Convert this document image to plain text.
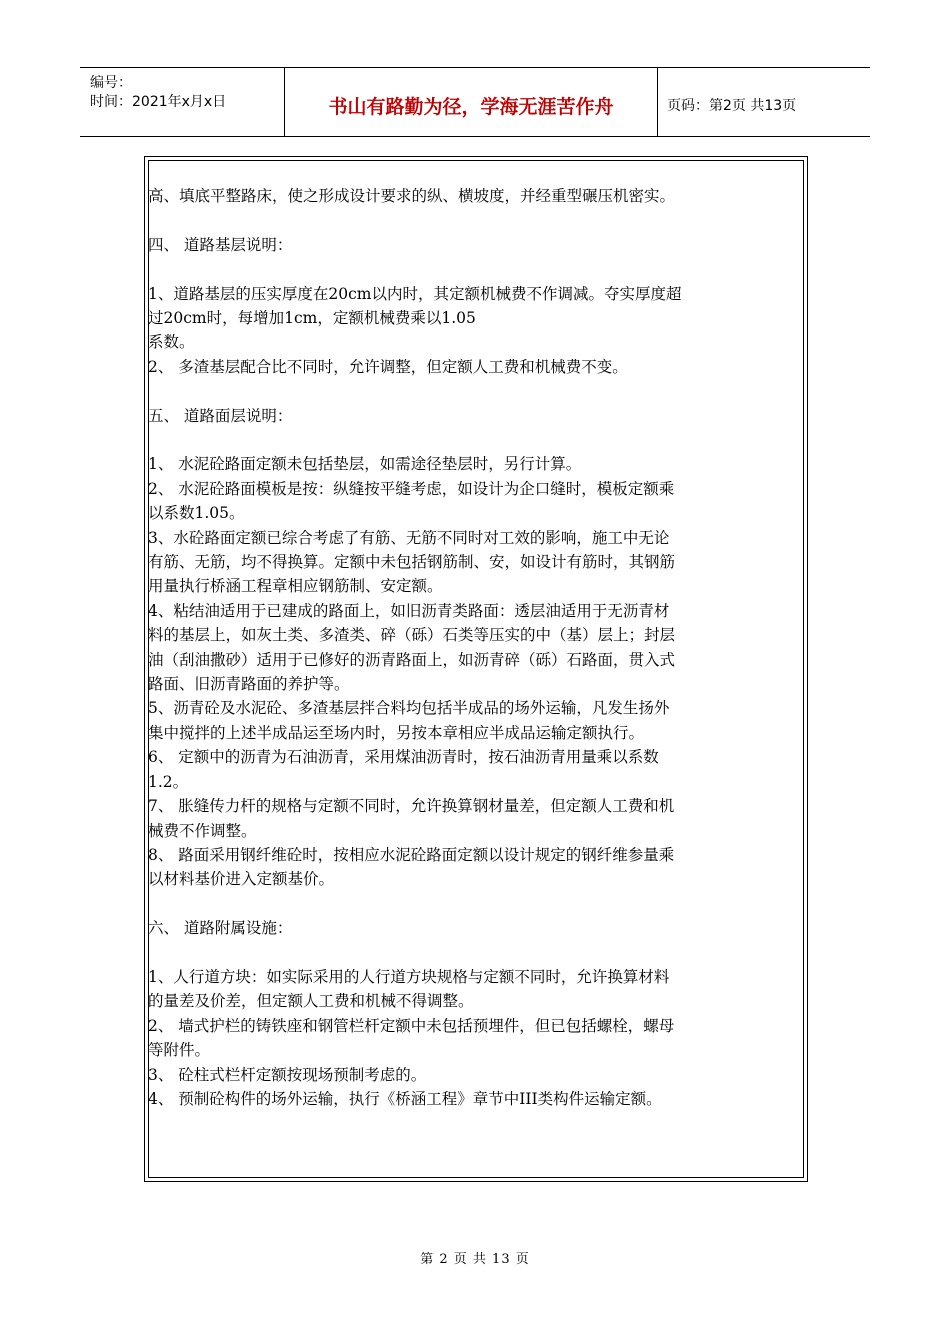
编号：
时间：2021年x月x日	书山有路勤为径，学海无涯苦作舟	页码：第2页 共13页

高、填底平整路床，使之形成设计要求的纵、横坡度，并经重型碾压机密实。

四、 道路基层说明：

1、道路基层的压实厚度在20cm以内时，其定额机械费不作调减。夺实厚度超

过20cm时，每增加1cm，定额机械费乘以1.05

系数。

2、 多渣基层配合比不同时，允许调整，但定额人工费和机械费不变。

五、 道路面层说明：

1、 水泥砼路面定额未包括垫层，如需途径垫层时，另行计算。

2、 水泥砼路面模板是按：纵缝按平缝考虑，如设计为企口缝时，模板定额乘

以系数1.05。

3、水砼路面定额已综合考虑了有筋、无筋不同时对工效的影响，施工中无论

有筋、无筋，均不得换算。定额中未包括钢筋制、安，如设计有筋时，其钢筋

用量执行桥涵工程章相应钢筋制、安定额。

4、粘结油适用于已建成的路面上，如旧沥青类路面：透层油适用于无沥青材

料的基层上，如灰土类、多渣类、碎（砾）石类等压实的中（基）层上；封层

油（刮油撒砂）适用于已修好的沥青路面上，如沥青碎（砾）石路面，贯入式

路面、旧沥青路面的养护等。

5、沥青砼及水泥砼、多渣基层拌合料均包括半成品的场外运输，凡发生扬外

集中搅拌的上述半成品运至场内时，另按本章相应半成品运输定额执行。

6、 定额中的沥青为石油沥青，采用煤油沥青时，按石油沥青用量乘以系数

1.2。

7、 胀缝传力杆的规格与定额不同时，允许换算钢材量差，但定额人工费和机

械费不作调整。

8、 路面采用钢纤维砼时，按相应水泥砼路面定额以设计规定的钢纤维参量乘

以材料基价进入定额基价。

六、 道路附属设施：

1、人行道方块：如实际采用的人行道方块规格与定额不同时，允许换算材料

的量差及价差，但定额人工费和机械不得调整。

2、 墙式护栏的铸铁座和钢管栏杆定额中未包括预埋件，但已包括螺栓，螺母

等附件。

3、 砼柱式栏杆定额按现场预制考虑的。

4、 预制砼构件的场外运输，执行《桥涵工程》章节中III类构件运输定额。

第 2 页 共 13 页
